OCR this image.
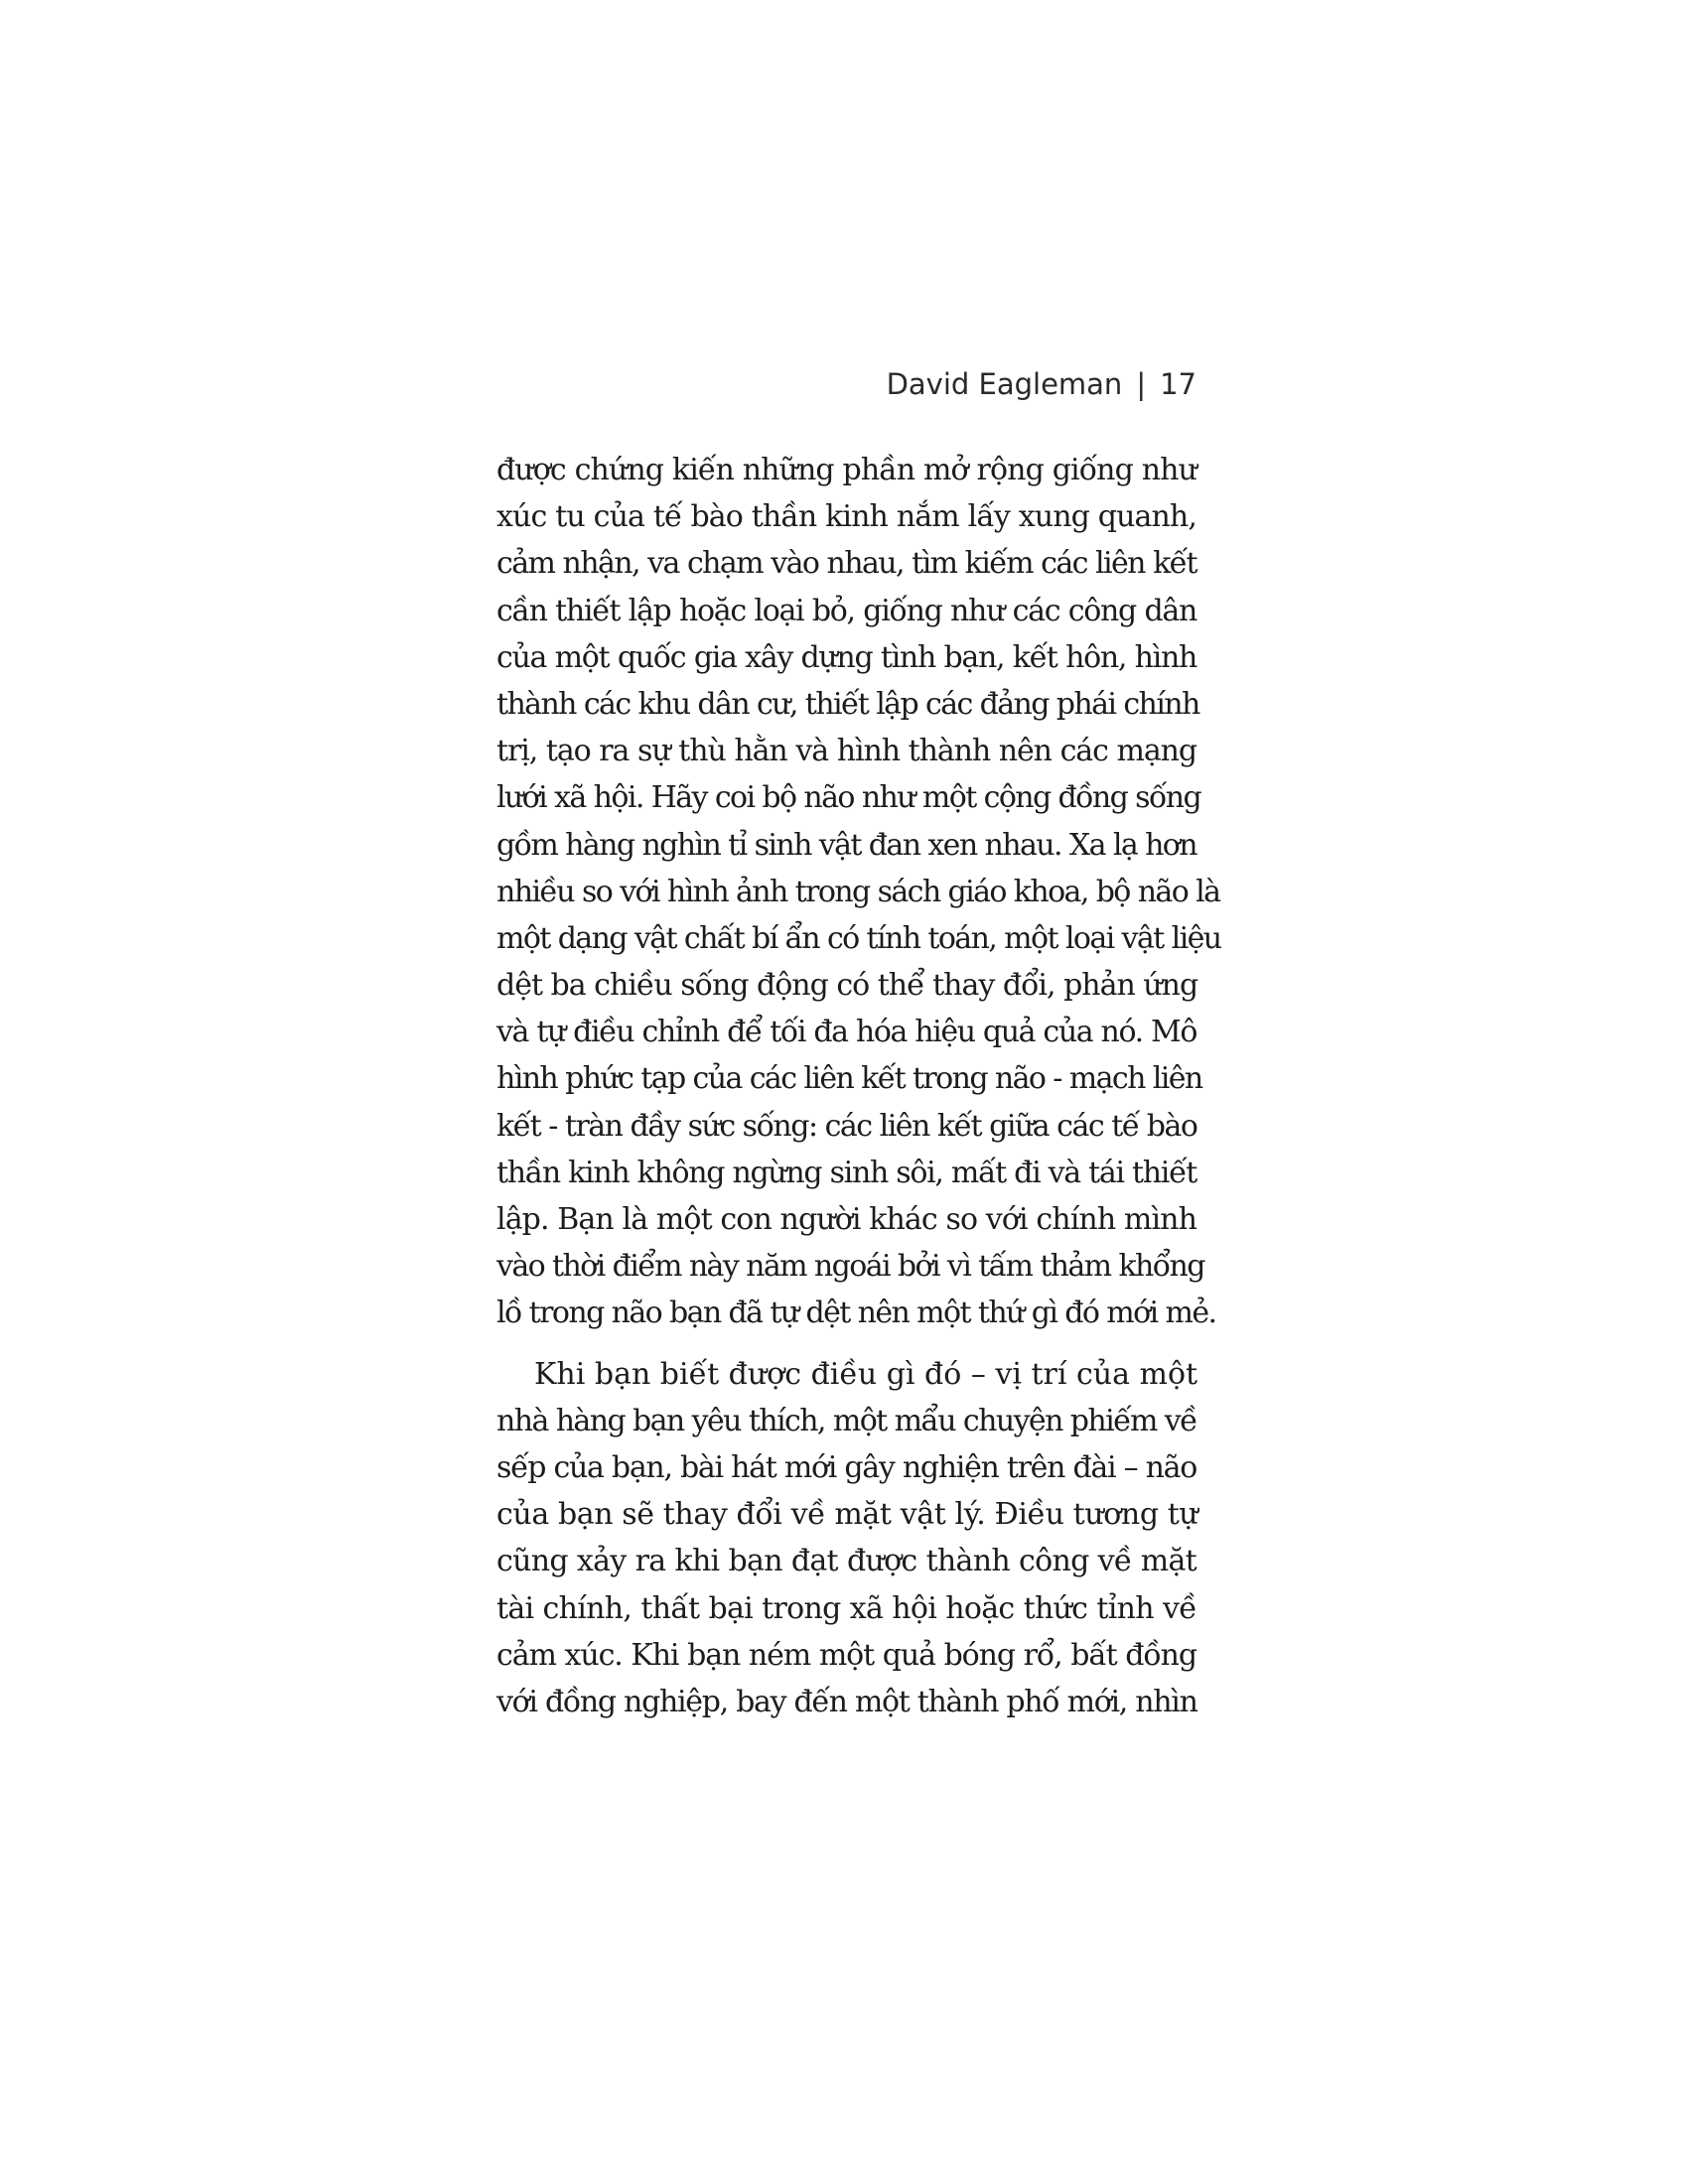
David Eagleman | 17
được chứng kiến những phần mở rộng giống như
xúc tu của tế bào thần kinh nắm lấy xung quanh,
cảm nhận, va chạm vào nhau, tìm kiếm các liên kết
cần thiết lập hoặc loại bỏ, giống như các công dân
của một quốc gia xây dựng tình bạn, kết hôn, hình
thành các khu dân cư, thiết lập các đảng phái chính
trị, tạo ra sự thù hằn và hình thành nên các mạng
lưới xã hội. Hãy coi bộ não như một cộng đồng sống
gồm hàng nghìn tỉ sinh vật đan xen nhau. Xa lạ hơn
nhiều so với hình ảnh trong sách giáo khoa, bộ não là
một dạng vật chất bí ẩn có tính toán, một loại vật liệu
dệt ba chiều sống động có thể thay đổi, phản ứng
và tự điều chỉnh để tối đa hóa hiệu quả của nó. Mô
hình phức tạp của các liên kết trong não - mạch liên
kết - tràn đầy sức sống: các liên kết giữa các tế bào
thần kinh không ngừng sinh sôi, mất đi và tái thiết
lập. Bạn là một con người khác so với chính mình
vào thời điểm này năm ngoái bởi vì tấm thảm khổng
lồ trong não bạn đã tự dệt nên một thứ gì đó mới mẻ.
Khi bạn biết được điều gì đó – vị trí của một
nhà hàng bạn yêu thích, một mẩu chuyện phiếm về
sếp của bạn, bài hát mới gây nghiện trên đài – não
của bạn sẽ thay đổi về mặt vật lý. Điều tương tự
cũng xảy ra khi bạn đạt được thành công về mặt
tài chính, thất bại trong xã hội hoặc thức tỉnh về
cảm xúc. Khi bạn ném một quả bóng rổ, bất đồng
với đồng nghiệp, bay đến một thành phố mới, nhìn
